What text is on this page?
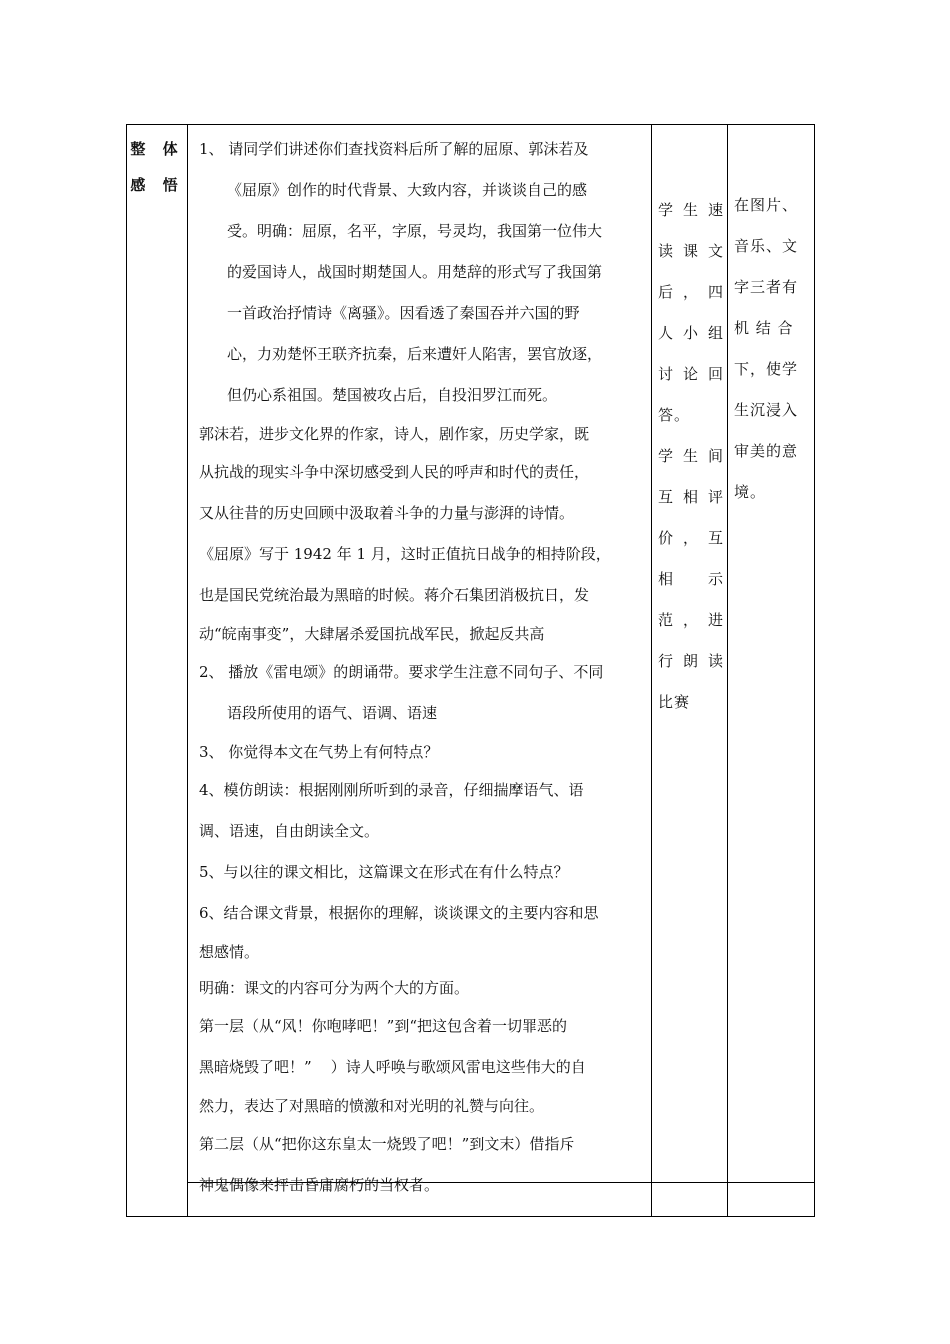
整 体
感 悟
1、 请同学们讲述你们查找资料后所了解的屈原、郭沫若及
《屈原》创作的时代背景、大致内容，并谈谈自己的感
受。明确：屈原，名平，字原，号灵均，我国第一位伟大
的爱国诗人，战国时期楚国人。用楚辞的形式写了我国第
一首政治抒情诗《离骚》。因看透了秦国吞并六国的野
心，力劝楚怀王联齐抗秦，后来遭奸人陷害，罢官放逐，
但仍心系祖国。楚国被攻占后，自投汨罗江而死。
郭沫若，进步文化界的作家，诗人，剧作家，历史学家，既
从抗战的现实斗争中深切感受到人民的呼声和时代的责任，
又从往昔的历史回顾中汲取着斗争的力量与澎湃的诗情。
《屈原》写于 1942 年 1 月，这时正值抗日战争的相持阶段，
也是国民党统治最为黑暗的时候。蒋介石集团消极抗日，发
动“皖南事变”，大肆屠杀爱国抗战军民，掀起反共高
2、 播放《雷电颂》的朗诵带。要求学生注意不同句子、不同
语段所使用的语气、语调、语速
3、 你觉得本文在气势上有何特点？
4、模仿朗读：根据刚刚所听到的录音，仔细揣摩语气、语
调、语速，自由朗读全文。
5、与以往的课文相比，这篇课文在形式在有什么特点？
6、结合课文背景，根据你的理解，谈谈课文的主要内容和思
想感情。
明确：课文的内容可分为两个大的方面。
第一层（从“风！你咆哮吧！”到“把这包含着一切罪恶的
黑暗烧毁了吧！”    ）诗人呼唤与歌颂风雷电这些伟大的自
然力，表达了对黑暗的愤激和对光明的礼赞与向往。
第二层（从“把你这东皇太一烧毁了吧！”到文末）借指斥
神鬼偶像来抨击昏庸腐朽的当权者。
学生速
读课文
后，四
人小组
讨论回
答。
学生间
互相评
价，互
相　示
范，进
行朗读
比赛
在图片、
音乐、文
字三者有
机 结 合
下，使学
生沉浸入
审美的意
境。
